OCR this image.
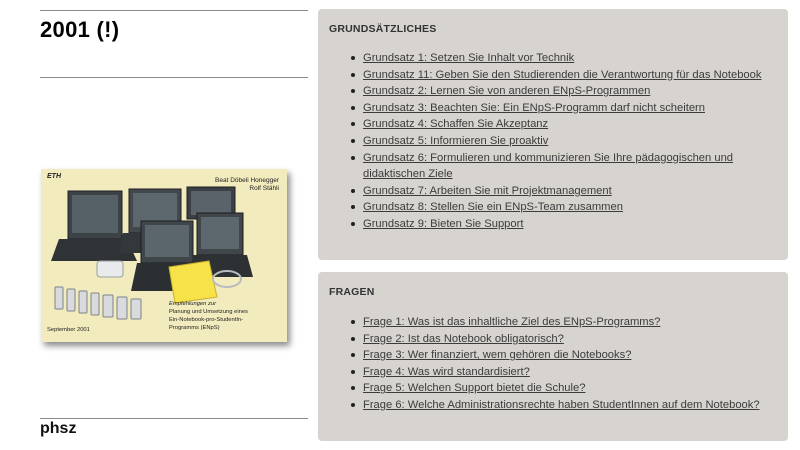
2001 (!)
ETH
Beat Döbeli Honegger
Rolf Stähli
Empfehlungen zur
Planung und Umsetzung eines
Ein-Notebook-pro-StudentIn-
Programms (ENpS)
September 2001
phsz
GRUNDSÄTZLICHES
Grundsatz 1: Setzen Sie Inhalt vor Technik
Grundsatz 11: Geben Sie den Studierenden die Verantwortung für das Notebook
Grundsatz 2: Lernen Sie von anderen ENpS-Programmen
Grundsatz 3: Beachten Sie: Ein ENpS-Programm darf nicht scheitern
Grundsatz 4: Schaffen Sie Akzeptanz
Grundsatz 5: Informieren Sie proaktiv
Grundsatz 6: Formulieren und kommunizieren Sie Ihre pädagogischen und didaktischen Ziele
Grundsatz 7: Arbeiten Sie mit Projektmanagement
Grundsatz 8: Stellen Sie ein ENpS-Team zusammen
Grundsatz 9: Bieten Sie Support
FRAGEN
Frage 1: Was ist das inhaltliche Ziel des ENpS-Programms?
Frage 2: Ist das Notebook obligatorisch?
Frage 3: Wer finanziert, wem gehören die Notebooks?
Frage 4: Was wird standardisiert?
Frage 5: Welchen Support bietet die Schule?
Frage 6: Welche Administrationsrechte haben StudentInnen auf dem Notebook?
